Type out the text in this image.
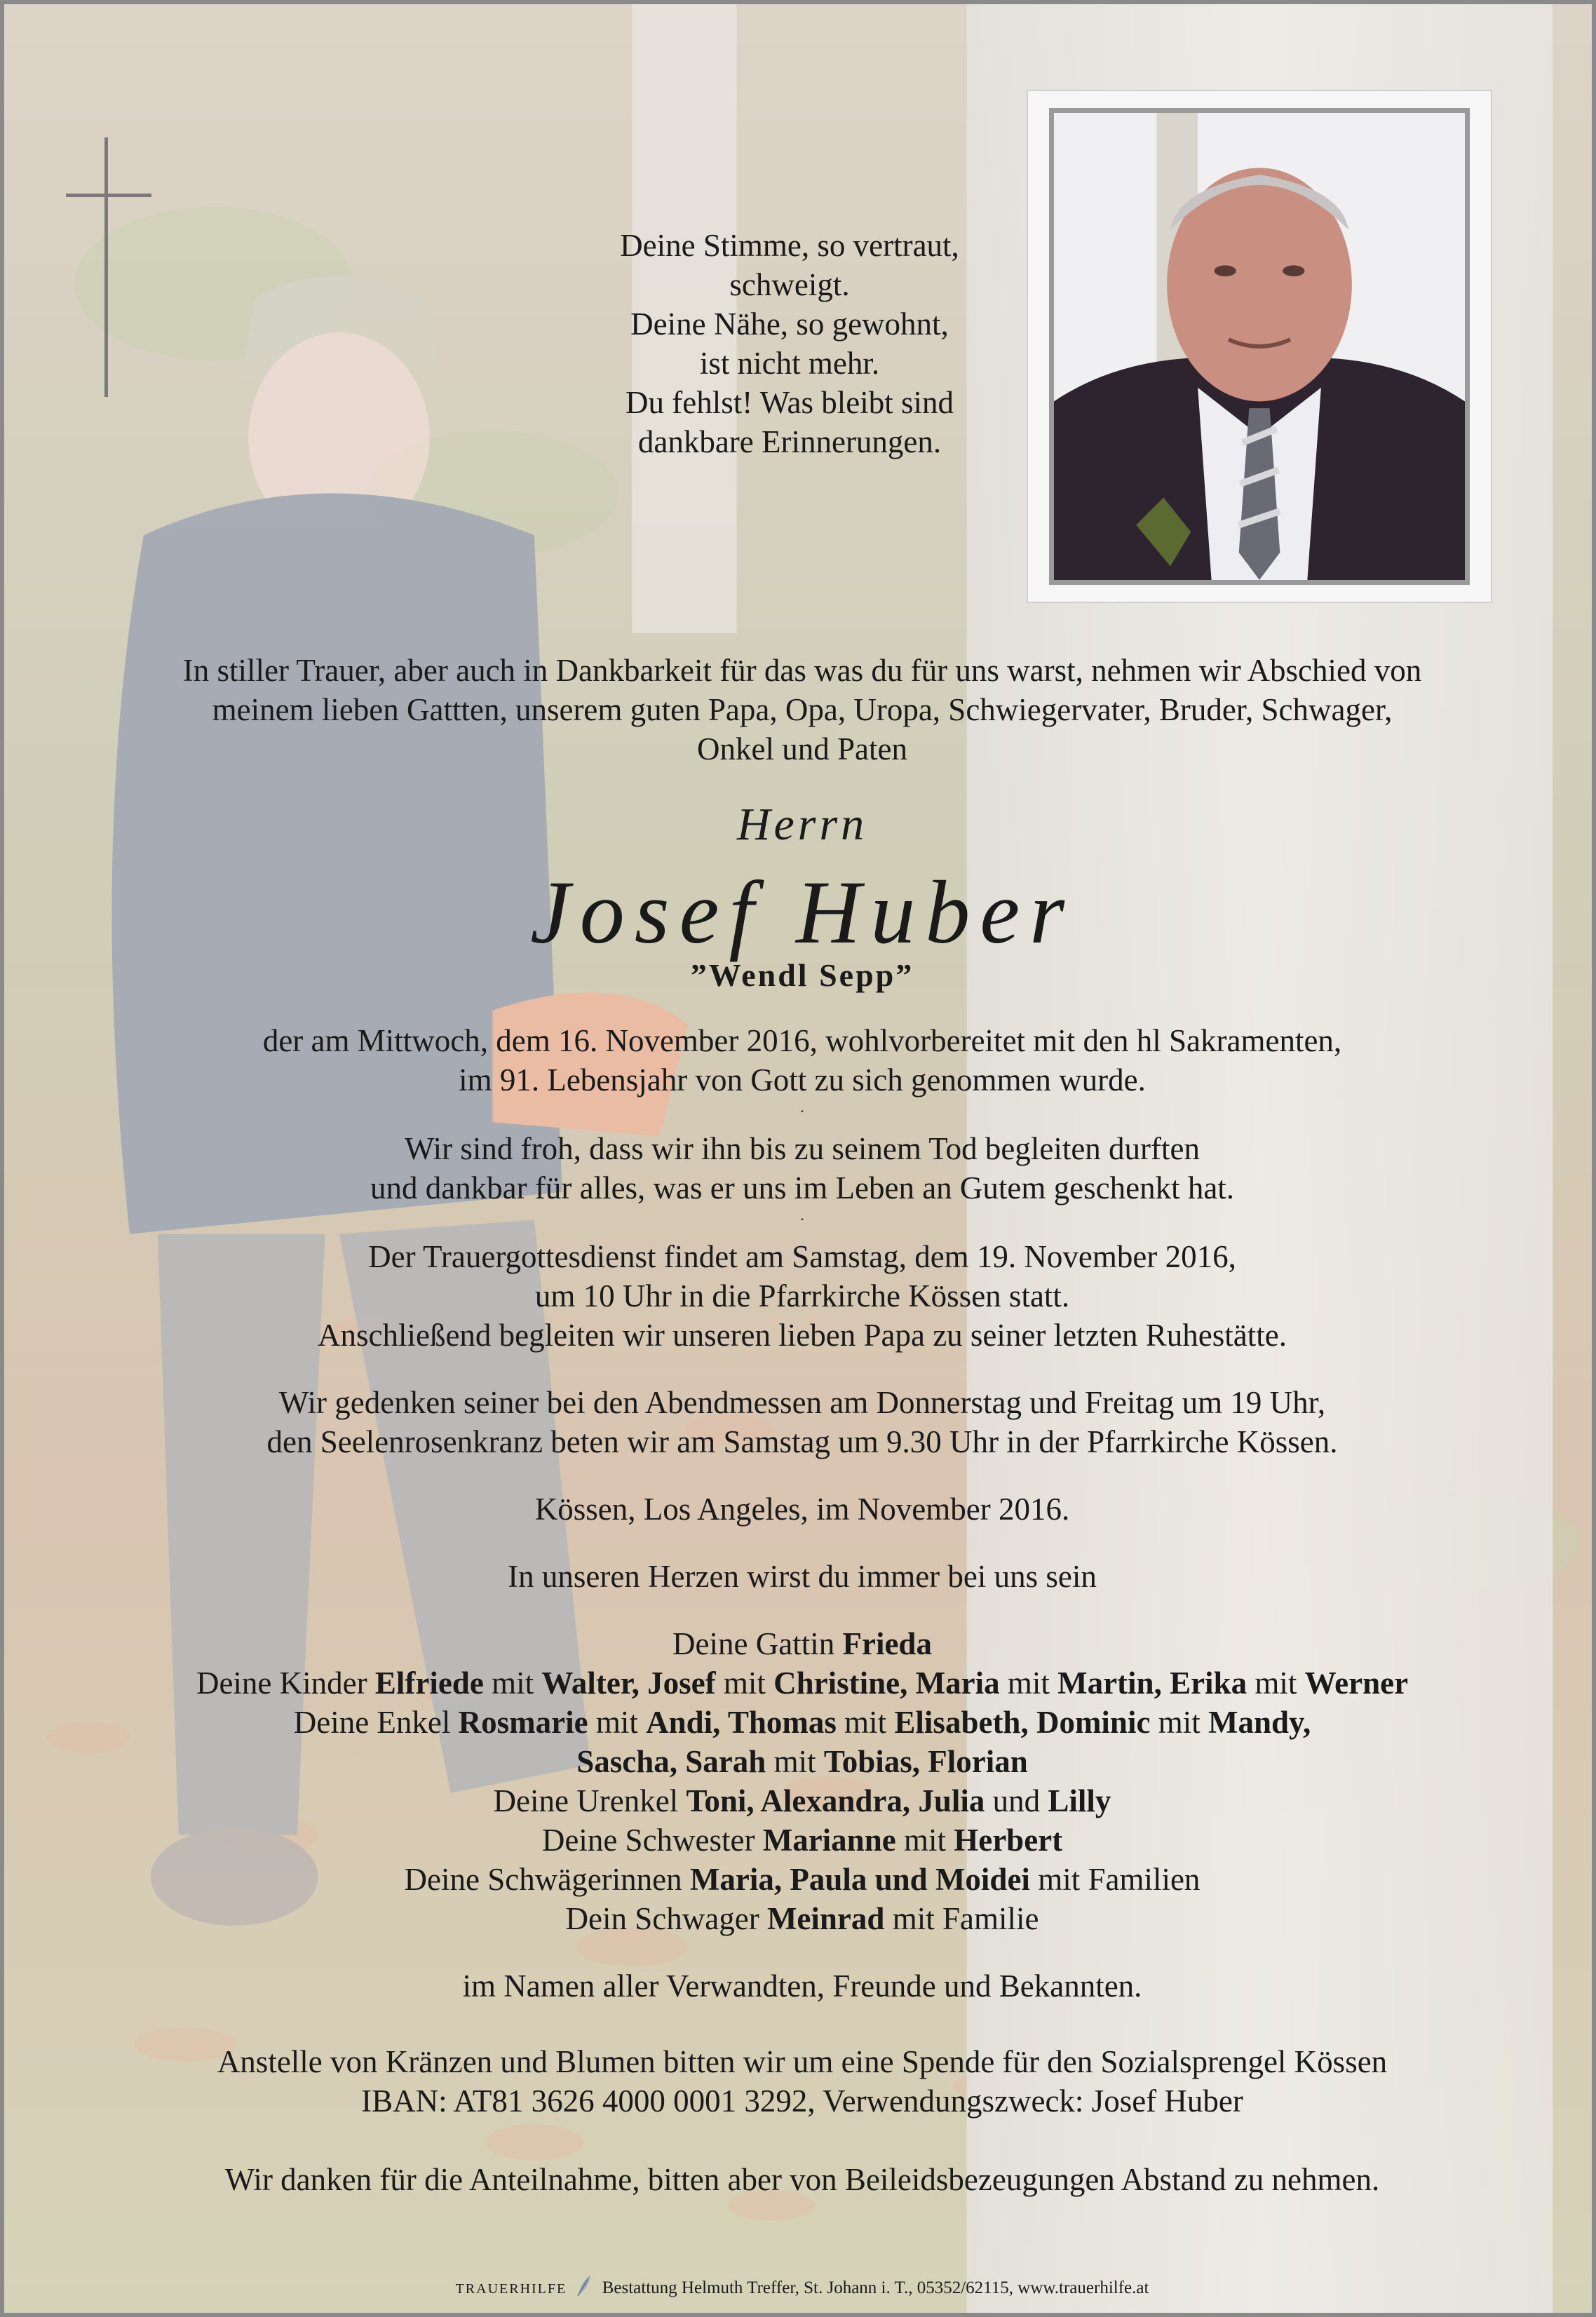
Deine Stimme, so vertraut,
schweigt.
Deine Nähe, so gewohnt,
ist nicht mehr.
Du fehlst! Was bleibt sind
dankbare Erinnerungen.
In stiller Trauer, aber auch in Dankbarkeit für das was du für uns warst, nehmen wir Abschied von
meinem lieben Gattten, unserem guten Papa, Opa, Uropa, Schwiegervater, Bruder, Schwager,
Onkel und Paten
Herrn
Josef Huber
”Wendl Sepp”
der am Mittwoch, dem 16. November 2016, wohlvorbereitet mit den hl Sakramenten,
im 91. Lebensjahr von Gott zu sich genommen wurde.
.
Wir sind froh, dass wir ihn bis zu seinem Tod begleiten durften
und dankbar für alles, was er uns im Leben an Gutem geschenkt hat.
.
Der Trauergottesdienst findet am Samstag, dem 19. November 2016,
um 10 Uhr in die Pfarrkirche Kössen statt.
Anschließend begleiten wir unseren lieben Papa zu seiner letzten Ruhestätte.
Wir gedenken seiner bei den Abendmessen am Donnerstag und Freitag um 19 Uhr,
den Seelenrosenkranz beten wir am Samstag um 9.30 Uhr in der Pfarrkirche Kössen.
Kössen, Los Angeles, im November 2016.
In unseren Herzen wirst du immer bei uns sein
Deine Gattin Frieda
Deine Kinder Elfriede mit Walter, Josef mit Christine, Maria mit Martin, Erika mit Werner
Deine Enkel Rosmarie mit Andi, Thomas mit Elisabeth, Dominic mit Mandy,
Sascha, Sarah mit Tobias, Florian
Deine Urenkel Toni, Alexandra, Julia und Lilly
Deine Schwester Marianne mit Herbert
Deine Schwägerinnen Maria, Paula und Moidei mit Familien
Dein Schwager Meinrad mit Familie
im Namen aller Verwandten, Freunde und Bekannten.
Anstelle von Kränzen und Blumen bitten wir um eine Spende für den Sozialsprengel Kössen
IBAN: AT81 3626 4000 0001 3292, Verwendungszweck: Josef Huber
Wir danken für die Anteilnahme, bitten aber von Beileidsbezeugungen Abstand zu nehmen.
TRAUERHILFE Bestattung Helmuth Treffer, St. Johann i. T., 05352/62115, www.trauerhilfe.at
